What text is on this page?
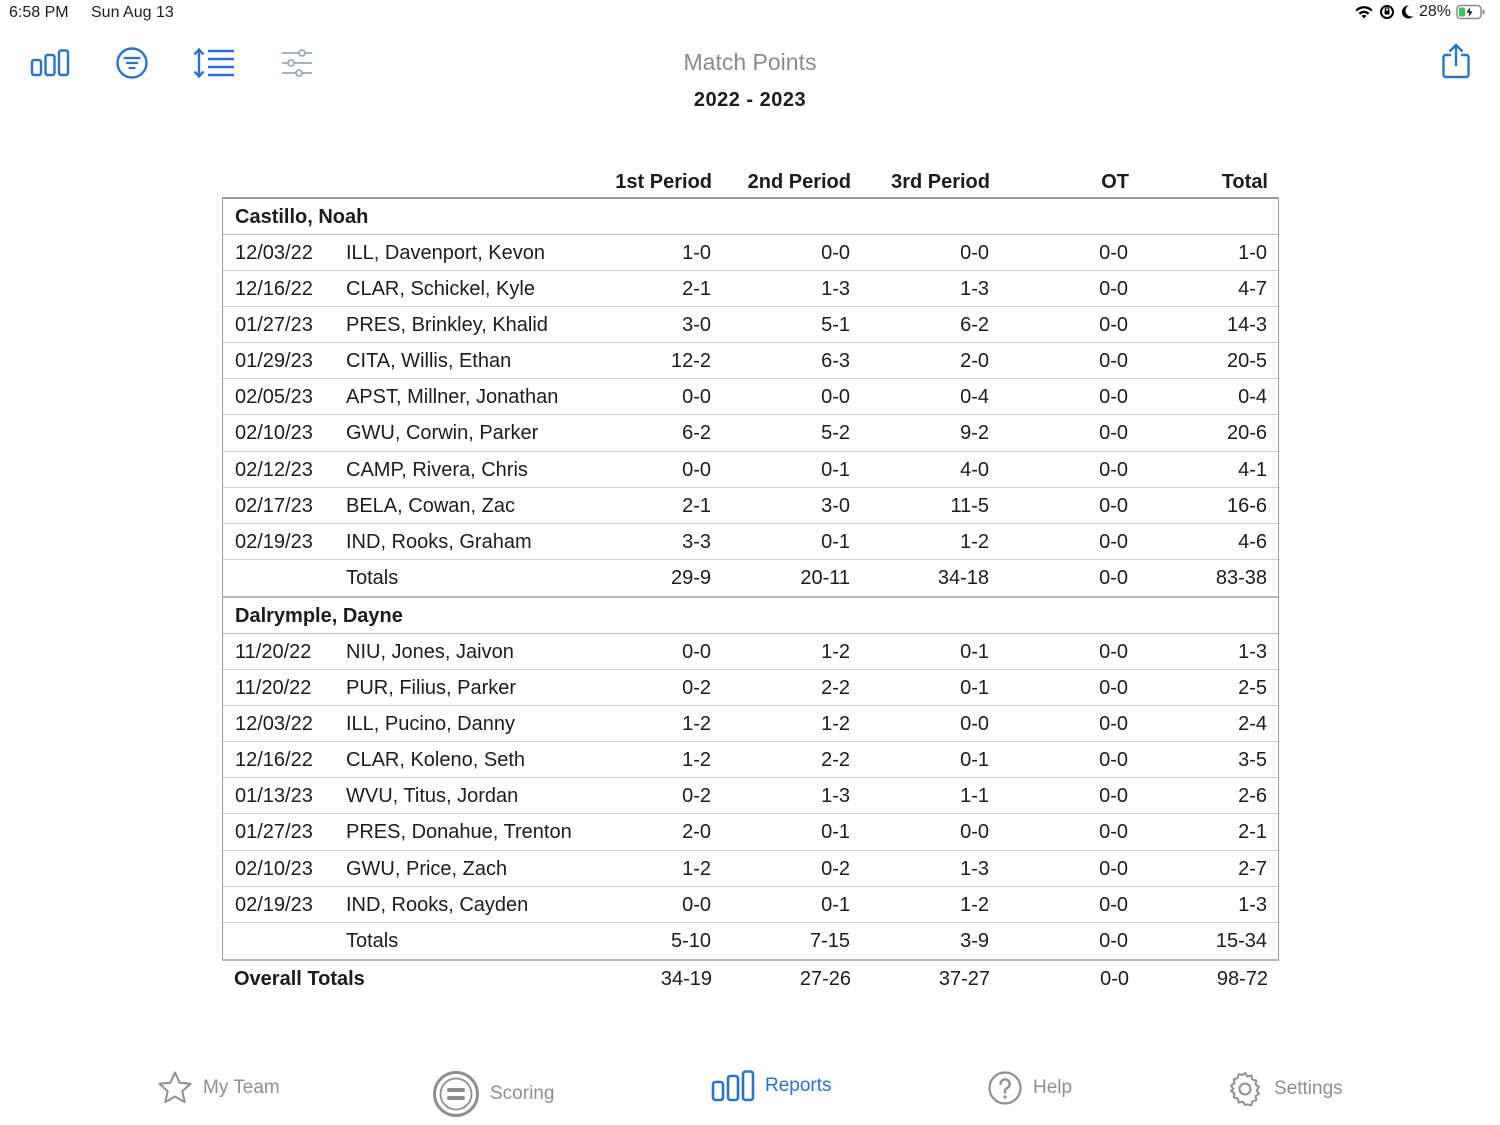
6:58 PM Sun Aug 13	28%
Match Points
2022 - 2023
1st Period 2nd Period 3rd Period	OT	Total
Castillo, Noah
12/03/22 ILL, Davenport, Kevon	1-0	0-0	0-0	0-0	1-0
12/16/22 CLAR, Schickel, Kyle	2-1	1-3	1-3	0-0	4-7
01/27/23 PRES, Brinkley, Khalid	3-0	5-1	6-2	0-0	14-3
01/29/23 CITA, Willis, Ethan	12-2	6-3	2-0	0-0	20-5
02/05/23 APST, Millner, Jonathan	0-0	0-0	0-4	0-0	0-4
02/10/23 GWU, Corwin, Parker	6-2	5-2	9-2	0-0	20-6
02/12/23 CAMP, Rivera, Chris	0-0	0-1	4-0	0-0	4-1
02/17/23 BELA, Cowan, Zac	2-1	3-0	11-5	0-0	16-6
02/19/23 IND, Rooks, Graham	3-3	0-1	1-2	0-0	4-6
Totals	29-9	20-11	34-18	0-0	83-38
Dalrymple, Dayne
11/20/22 NIU, Jones, Jaivon	0-0	1-2	0-1	0-0	1-3
11/20/22 PUR, Filius, Parker	0-2	2-2	0-1	0-0	2-5
12/03/22 ILL, Pucino, Danny	1-2	1-2	0-0	0-0	2-4
12/16/22 CLAR, Koleno, Seth	1-2	2-2	0-1	0-0	3-5
01/13/23 WVU, Titus, Jordan	0-2	1-3	1-1	0-0	2-6
01/27/23 PRES, Donahue, Trenton	2-0	0-1	0-0	0-0	2-1
02/10/23 GWU, Price, Zach	1-2	0-2	1-3	0-0	2-7
02/19/23 IND, Rooks, Cayden	0-0	0-1	1-2	0-0	1-3
Totals	5-10	7-15	3-9	0-0	15-34
Overall Totals	34-19	27-26	37-27	0-0	98-72
My Team	Scoring	Reports	Help	Settings
